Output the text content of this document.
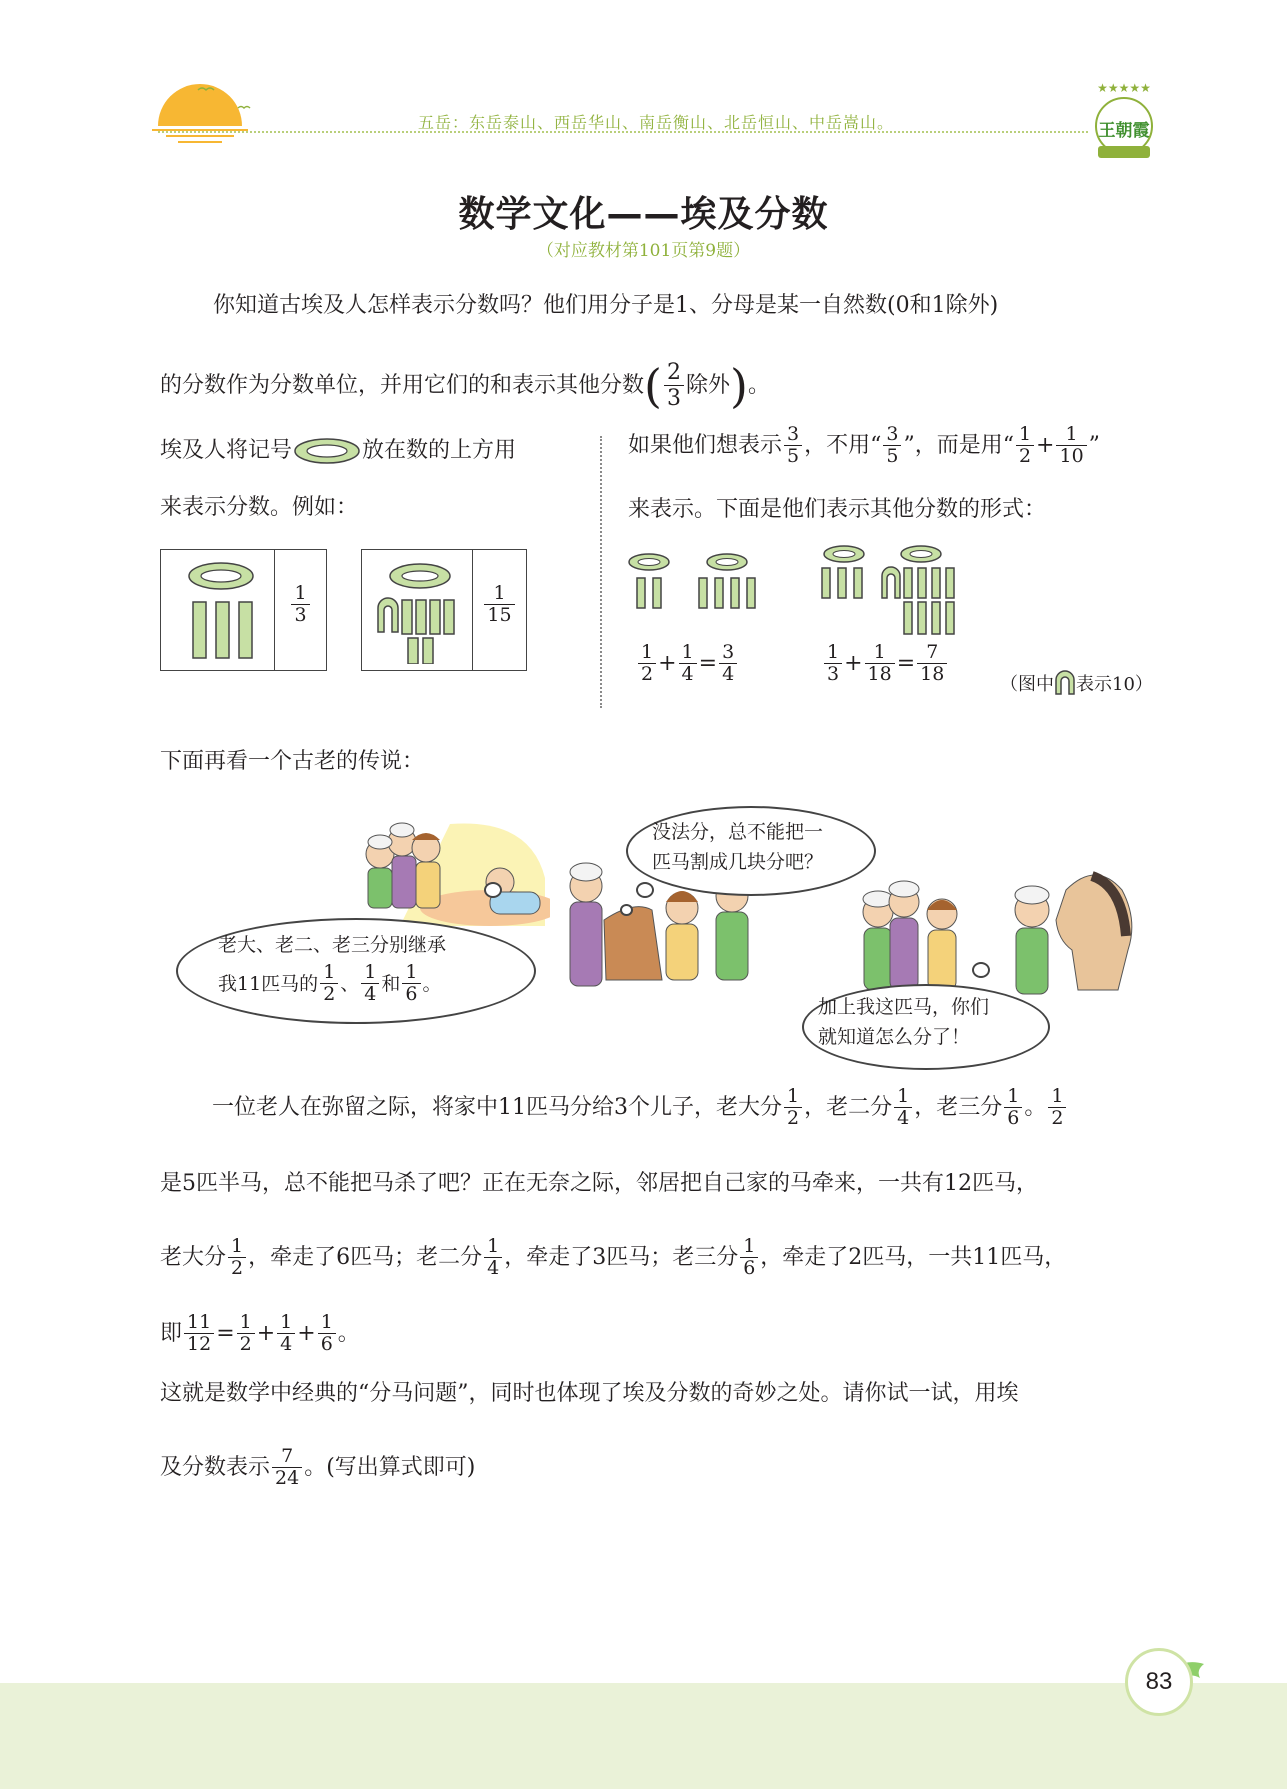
五岳：东岳泰山、西岳华山、南岳衡山、北岳恒山、中岳嵩山。
★★★★★
王朝霞
数学文化——埃及分数
（对应教材第101页第9题）
你知道古埃及人怎样表示分数吗？他们用分子是1、分母是某一自然数(0和1除外)
的分数作为分数单位，并用它们的和表示其他分数 ( $\frac{2}{3}$ 除外 ) 。
埃及人将记号	放在数的上方用
来表示分数。例如：
$\frac{1}{3}$	$\frac{1}{15}$
如果他们想表示 $\frac{3}{5}$ ，不用“ $\frac{3}{5}$ ”，而是用“ $\frac{1}{2} + \frac{1}{10}$ ”
来表示。下面是他们表示其他分数的形式：
$\frac{1}{2} + \frac{1}{4} = \frac{3}{4}$	$\frac{1}{3} + \frac{1}{18} = \frac{7}{18}$	（图中 表示10）
下面再看一个古老的传说：
老大、老二、老三分别继承
我11匹马的 $\frac{1}{2}$ 、 $\frac{1}{4}$ 和 $\frac{1}{6}$ 。
没法分，总不能把一
匹马割成几块分吧？
加上我这匹马，你们
就知道怎么分了！
一位老人在弥留之际，将家中11匹马分给3个儿子，老大分 $\frac{1}{2}$ ，老二分 $\frac{1}{4}$ ，老三分 $\frac{1}{6}$ 。 $\frac{1}{2}$
是5匹半马，总不能把马杀了吧？正在无奈之际，邻居把自己家的马牵来，一共有12匹马，
老大分 $\frac{1}{2}$ ，牵走了6匹马；老二分 $\frac{1}{4}$ ，牵走了3匹马；老三分 $\frac{1}{6}$ ，牵走了2匹马，一共11匹马，
即 $\frac{11}{12} = \frac{1}{2} + \frac{1}{4} + \frac{1}{6}$ 。
这就是数学中经典的“分马问题”，同时也体现了埃及分数的奇妙之处。请你试一试，用埃
及分数表示 $\frac{7}{24}$ 。(写出算式即可)
83
